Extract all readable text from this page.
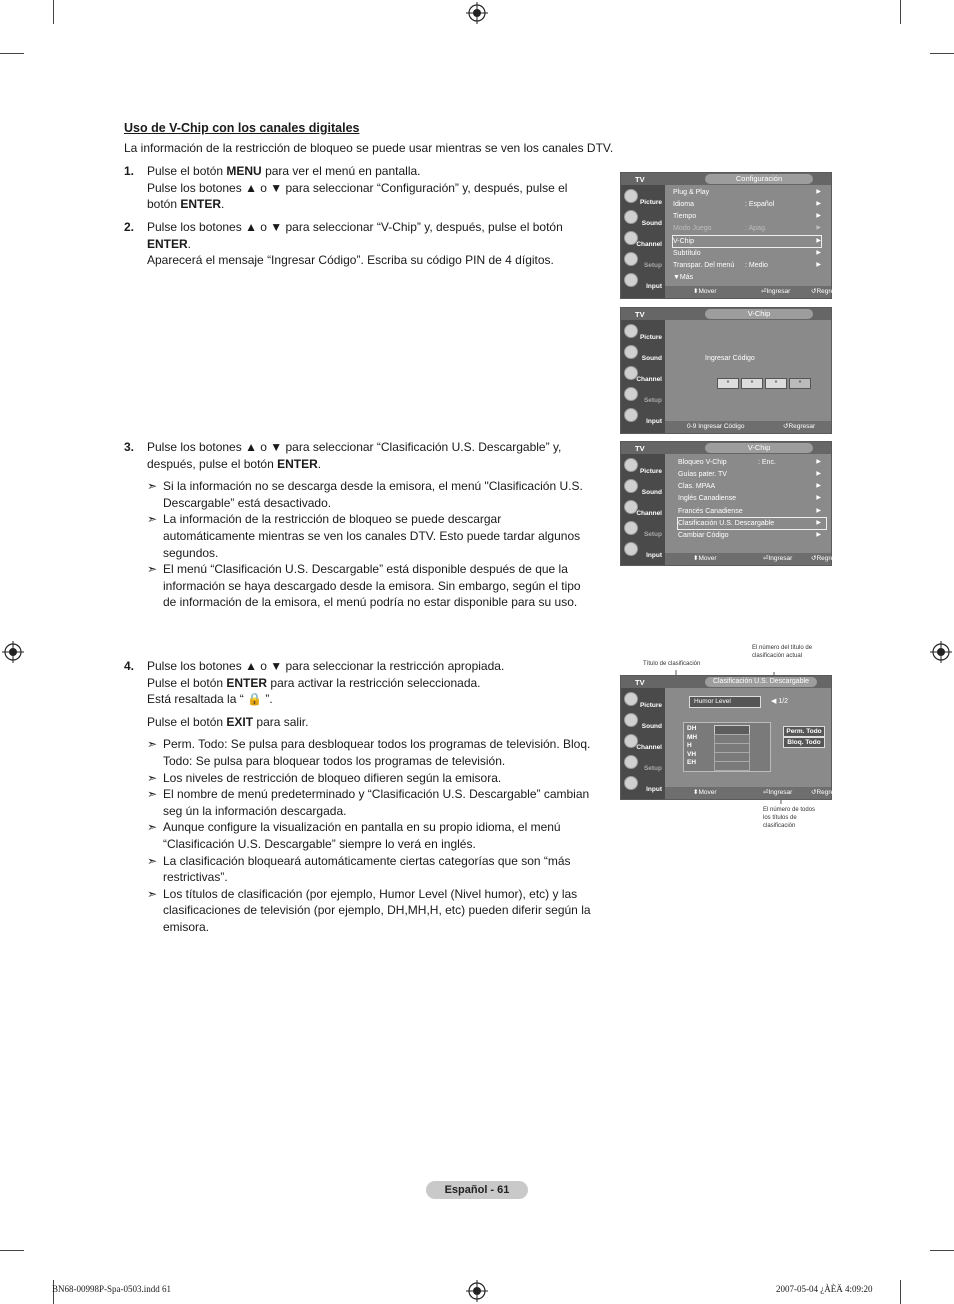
Uso de V-Chip con los canales digitales
La información de la restricción de bloqueo se puede usar mientras se ven los canales DTV.
1. Pulse el botón MENU para ver el menú en pantalla.

Pulse los botones ▲ o ▼ para seleccionar “Configuración” y, después, pulse el botón ENTER.

2. Pulse los botones ▲ o ▼ para seleccionar “V-Chip” y, después, pulse el botón ENTER.

Aparecerá el mensaje “Ingresar Código”. Escriba su código PIN de 4 dígitos.

3. Pulse los botones ▲ o ▼ para seleccionar “Clasificación U.S. Descargable” y, después, pulse el botón ENTER.

➣ Si la información no se descarga desde la emisora, el menú "Clasificación U.S. Descargable” está desactivado.
➣ La información de la restricción de bloqueo se puede descargar automáticamente mientras se ven los canales DTV. Esto puede tardar algunos segundos.
➣ El menú “Clasificación U.S. Descargable” está disponible después de que la información se haya descargado desde la emisora. Sin embargo, según el tipo de información de la emisora, el menú podría no estar disponible para su uso.
4. Pulse los botones ▲ o ▼ para seleccionar la restricción apropiada.

Pulse el botón ENTER para activar la restricción seleccionada.

Está resaltada la “ 🔒 ”.

Pulse el botón EXIT para salir.

➣ Perm. Todo: Se pulsa para desbloquear todos los programas de televisión. Bloq. Todo: Se pulsa para bloquear todos los programas de televisión.
➣ Los niveles de restricción de bloqueo difieren según la emisora.
➣ El nombre de menú predeterminado y “Clasificación U.S. Descargable” cambian seg ún la información descargada.
➣ Aunque configure la visualización en pantalla en su propio idioma, el menú “Clasificación U.S. Descargable” siempre lo verá en inglés.
➣ La clasificación bloqueará automáticamente ciertas categorías que son “más restrictivas”.
➣ Los títulos de clasificación (por ejemplo, Humor Level (Nivel humor), etc) y las clasificaciones de televisión (por ejemplo, DH,MH,H, etc) pueden diferir según la emisora.
TV	Configuración
Picture
Sound
Channel
Setup
Input
Plug & Play	▶
Idioma	: Español	▶
Tiempo	▶
Modo Juego	: Apag.	▶
V-Chip	▶
Subtítulo	▶
Transpar. Del menú : Medio	▶
▼Más
⬍ Mover	⏎ Ingresar	↺ Regresar
TV	V-Chip
Picture
Sound
Channel
Setup
Input
Ingresar Código
*	*	*	*
0-9 Ingresar Código	↺ Regresar
TV	V-Chip
Picture
Sound
Channel
Setup
Input
Bloqueo V-Chip	: Enc.	▶
Guías pater. TV	▶
Clas. MPAA	▶
Inglés Canadiense	▶
Francés Canadiense	▶
Clasificación U.S. Descargable	▶
Cambiar Código	▶
⬍ Mover	⏎ Ingresar	↺ Regresar
Título de clasificación
El número del título de clasificación actual
El número de todos los títulos de clasificación
TV	Clasificación U.S. Descargable
Picture
Sound
Channel
Setup
Input
Humor Level	◀ 1/2
DH
MH
H
VH
EH
Perm. Todo
Bloq. Todo
⬍ Mover	⏎ Ingresar	↺ Regresar
Español - 61
BN68-00998P-Spa-0503.indd 61	2007-05-04 ¿ÀÈÄ 4:09:20
